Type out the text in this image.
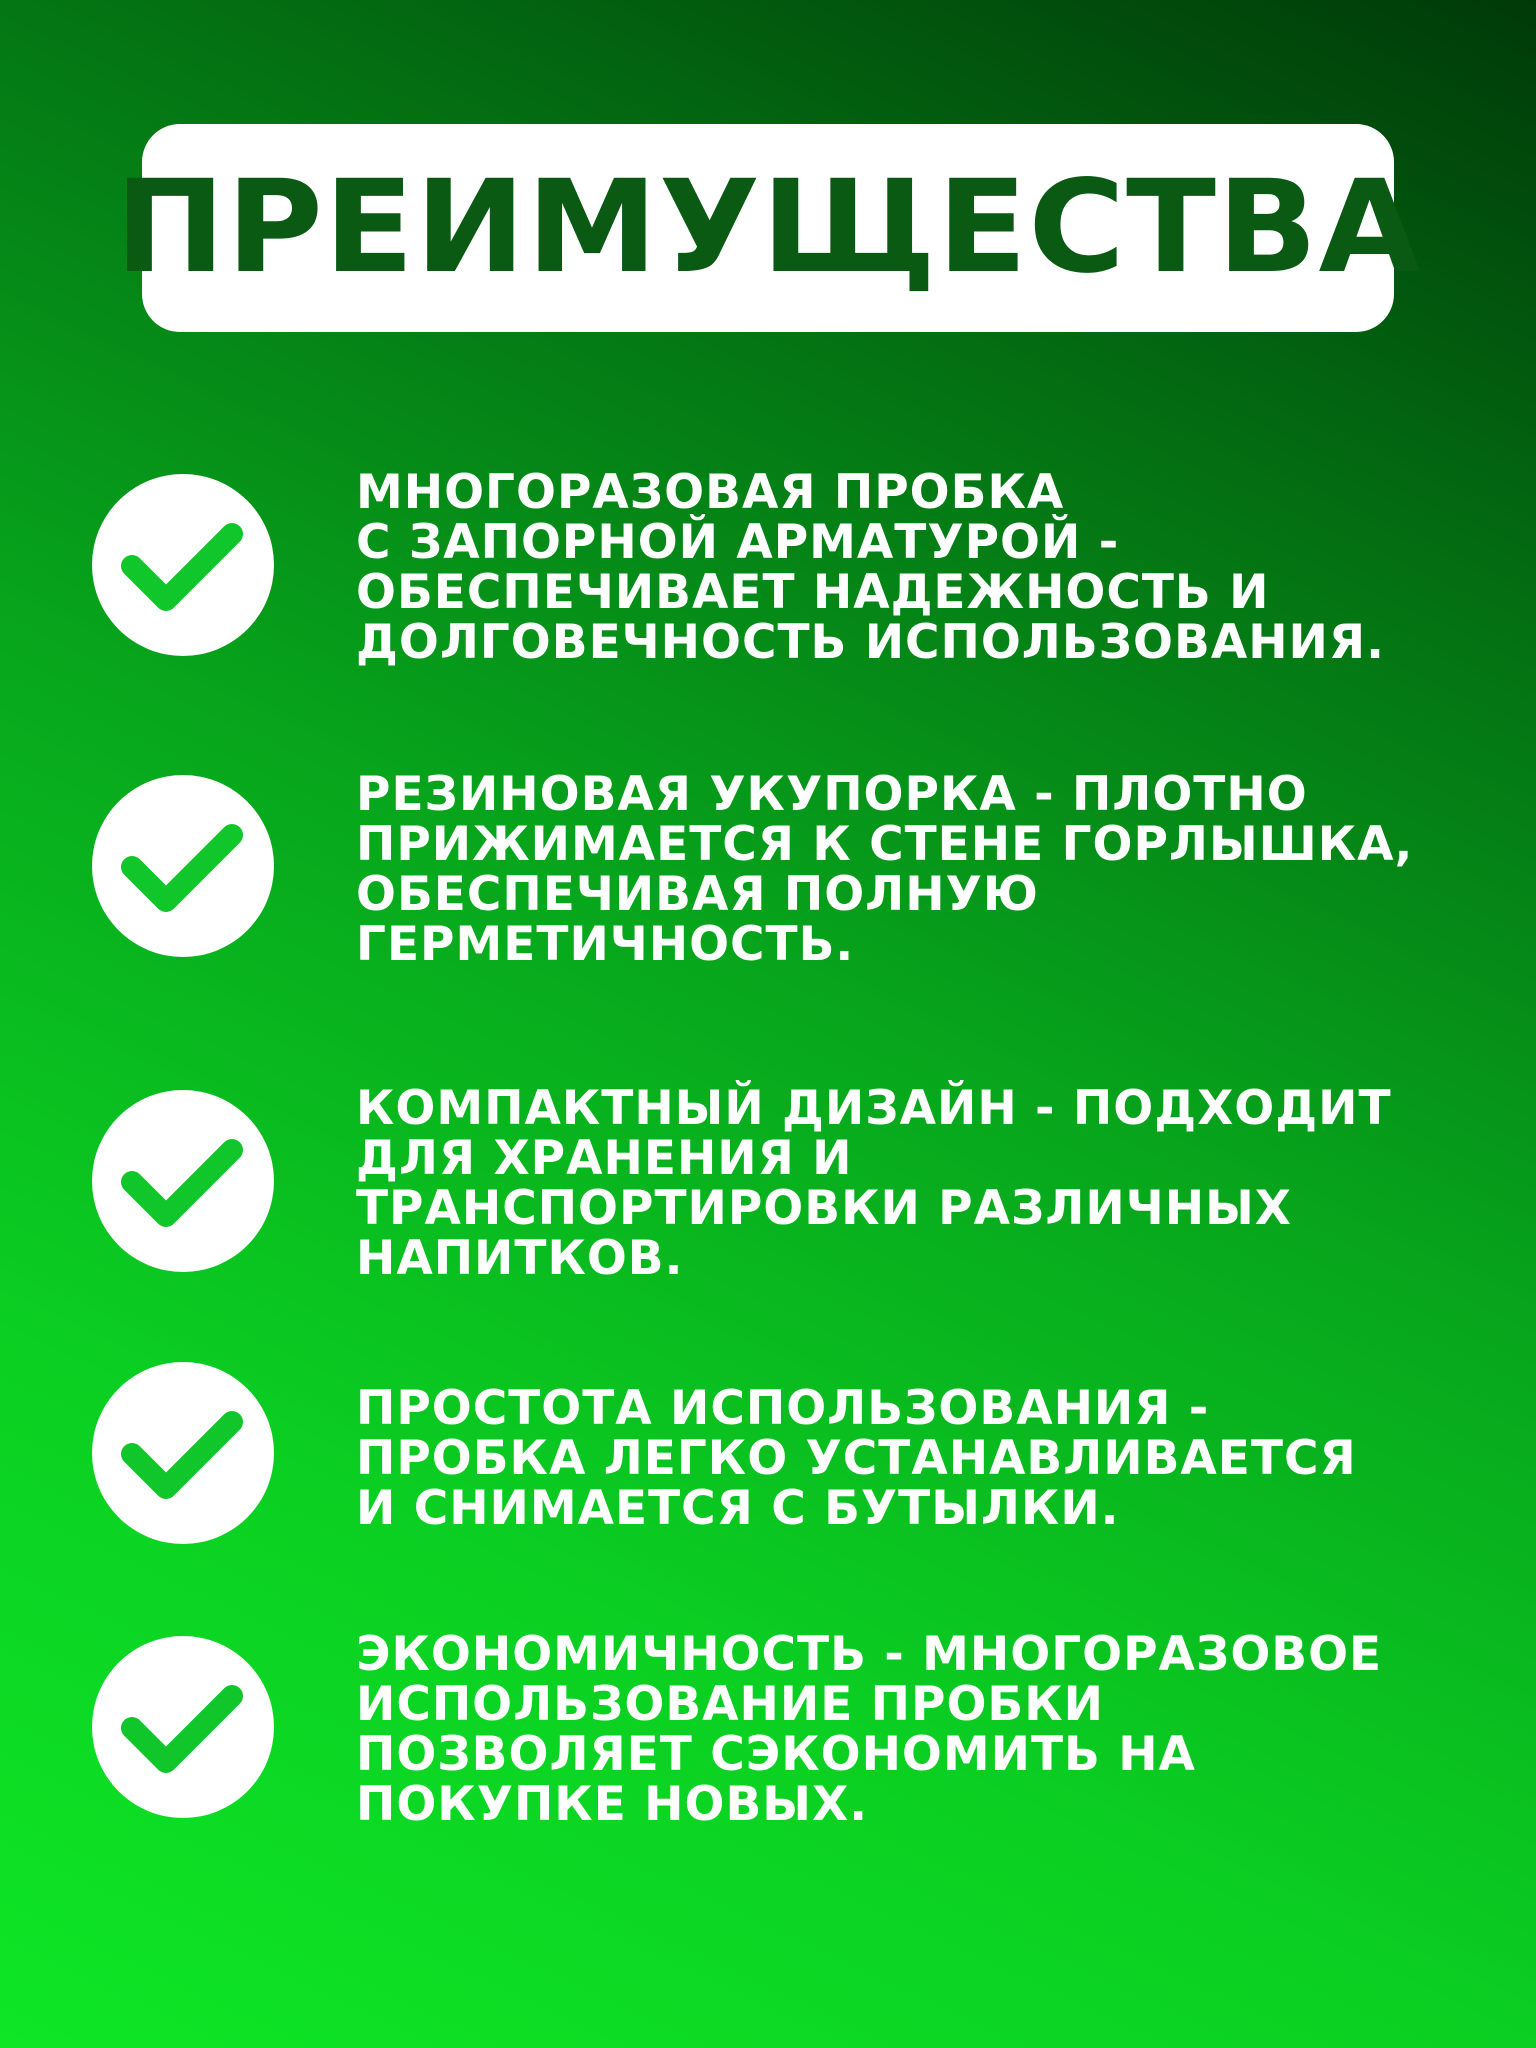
ПРЕИМУЩЕСТВА
МНОГОРАЗОВАЯ ПРОБКА
С ЗАПОРНОЙ АРМАТУРОЙ -
ОБЕСПЕЧИВАЕТ НАДЕЖНОСТЬ И
ДОЛГОВЕЧНОСТЬ ИСПОЛЬЗОВАНИЯ.
РЕЗИНОВАЯ УКУПОРКА - ПЛОТНО
ПРИЖИМАЕТСЯ К СТЕНЕ ГОРЛЫШКА,
ОБЕСПЕЧИВАЯ ПОЛНУЮ
ГЕРМЕТИЧНОСТЬ.
КОМПАКТНЫЙ ДИЗАЙН - ПОДХОДИТ
ДЛЯ ХРАНЕНИЯ И
ТРАНСПОРТИРОВКИ РАЗЛИЧНЫХ
НАПИТКОВ.
ПРОСТОТА ИСПОЛЬЗОВАНИЯ -
ПРОБКА ЛЕГКО УСТАНАВЛИВАЕТСЯ
И СНИМАЕТСЯ С БУТЫЛКИ.
ЭКОНОМИЧНОСТЬ - МНОГОРАЗОВОЕ
ИСПОЛЬЗОВАНИЕ ПРОБКИ
ПОЗВОЛЯЕТ СЭКОНОМИТЬ НА
ПОКУПКЕ НОВЫХ.
